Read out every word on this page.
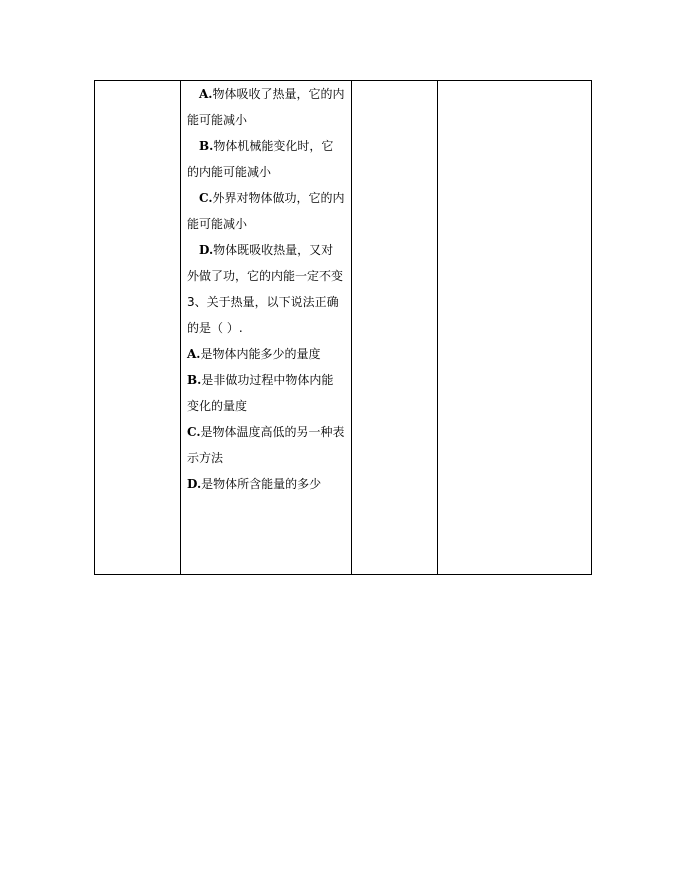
A.物体吸收了热量，它的内能可能减小

B.物体机械能变化时，它的内能可能减小

C.外界对物体做功，它的内能可能减小

D.物体既吸收热量，又对外做了功，它的内能一定不变

3、关于热量，以下说法正确的是（ ）.

A.是物体内能多少的量度

B.是非做功过程中物体内能变化的量度

C.是物体温度高低的另一种表示方法

D.是物体所含能量的多少
